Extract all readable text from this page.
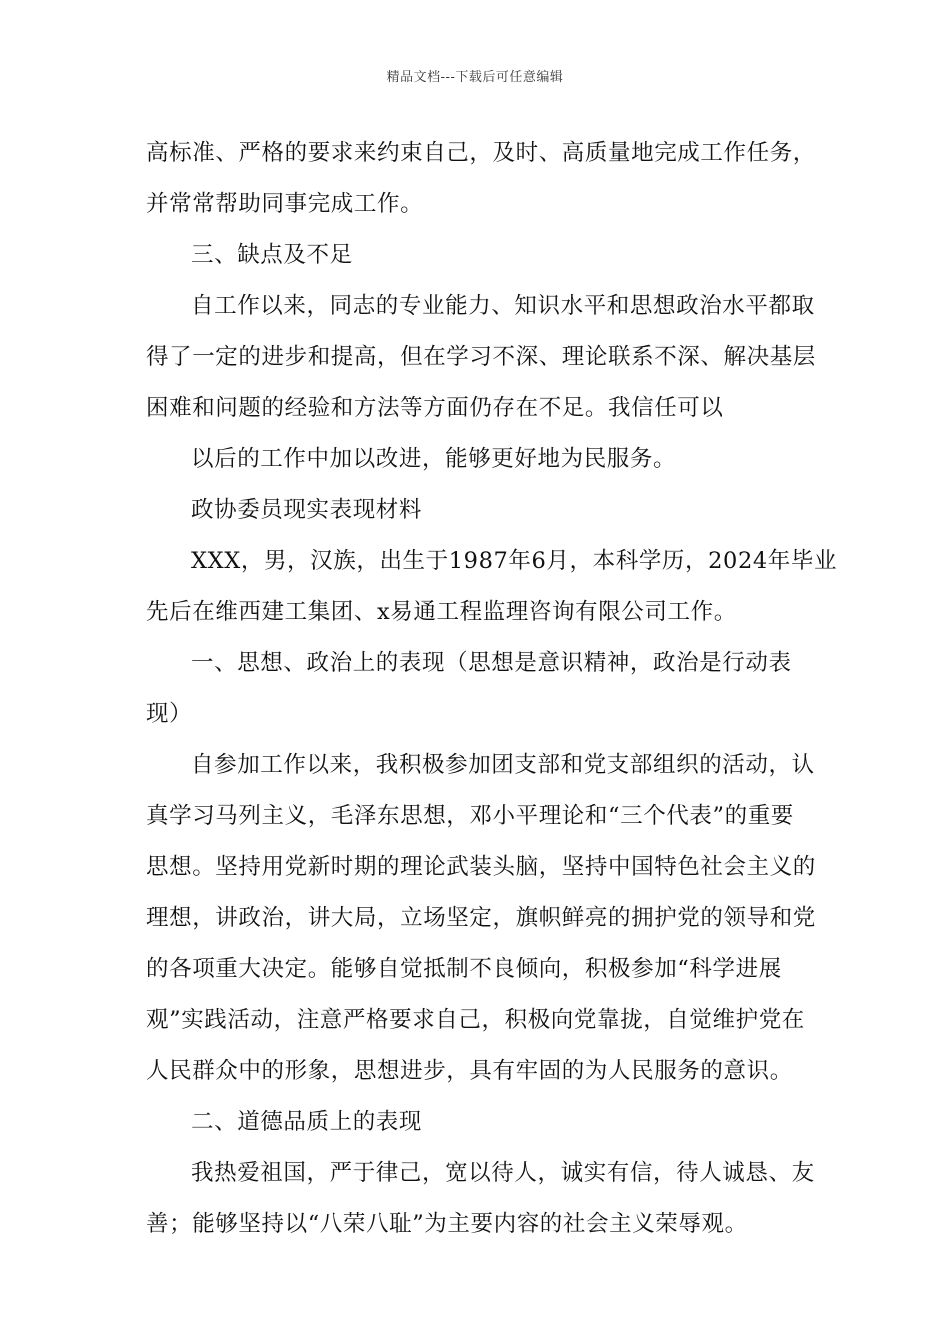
精品文档---下载后可任意编辑
高标准、严格的要求来约束自己，及时、高质量地完成工作任务，
并常常帮助同事完成工作。
三、缺点及不足
自工作以来，同志的专业能力、知识水平和思想政治水平都取
得了一定的进步和提高，但在学习不深、理论联系不深、解决基层
困难和问题的经验和方法等方面仍存在不足。我信任可以
以后的工作中加以改进，能够更好地为民服务。
政协委员现实表现材料
XXX，男，汉族，出生于1987年6月，本科学历，2024年毕业
先后在维西建工集团、x易通工程监理咨询有限公司工作。
一、思想、政治上的表现（思想是意识精神，政治是行动表
现）
自参加工作以来，我积极参加团支部和党支部组织的活动，认
真学习马列主义，毛泽东思想，邓小平理论和“三个代表”的重要
思想。坚持用党新时期的理论武装头脑，坚持中国特色社会主义的
理想，讲政治，讲大局，立场坚定，旗帜鲜亮的拥护党的领导和党
的各项重大决定。能够自觉抵制不良倾向，积极参加“科学进展
观”实践活动，注意严格要求自己，积极向党靠拢，自觉维护党在
人民群众中的形象，思想进步，具有牢固的为人民服务的意识。
二、道德品质上的表现
我热爱祖国，严于律己，宽以待人，诚实有信，待人诚恳、友
善；能够坚持以“八荣八耻”为主要内容的社会主义荣辱观。
